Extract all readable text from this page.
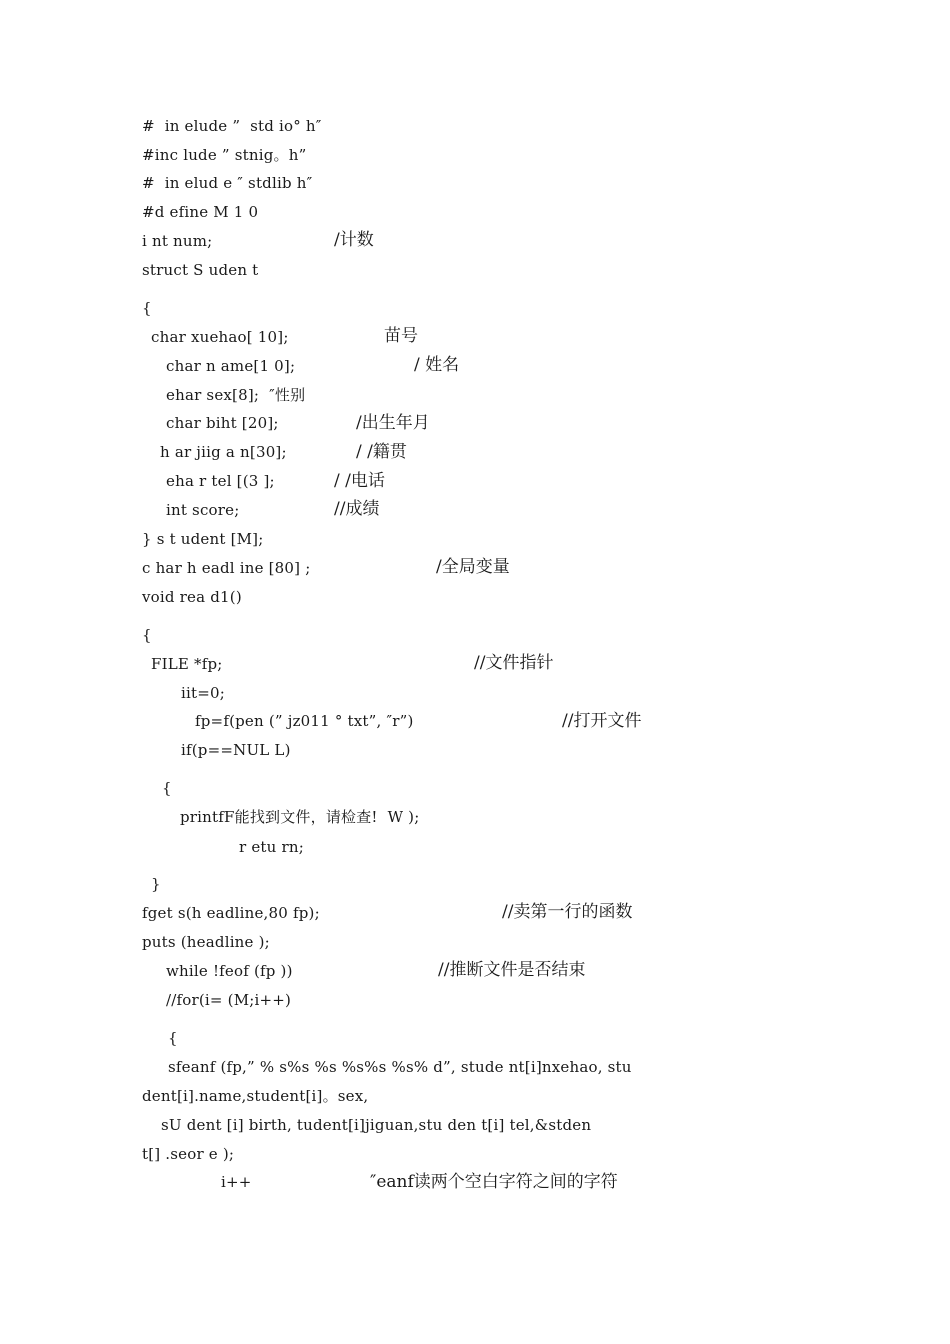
#  in elude ”  std io° h″
#inc lude ” stnig。h”
#  in elud e ″ stdlib h″
#d efine M 1 0
i nt num;	/计数
struct S uden t
{
char xuehao[ 10];	苗号
char n ame[1 0];	/ 姓名
ehar sex[8];  ″性别
char biht [20];	/出生年月
h ar jiig a n[30];	/ /籍贯
eha r tel [(3 ];	/ /电话
int score;	//成绩
} s t udent [M];
c har h eadl ine [80] ;	/全局变量
void rea d1()
{
FILE *fp;	//文件指针
iit=0;
fp=f(pen (” jz011 ° txt”, ″r”)	//打开文件
if(p==NUL L)
{
printfF能找到文件，请检查!  W );
r etu rn;
}
fget s(h eadline,80 fp);	//卖第一行的函数
puts (headline );
while !feof (fp ))	//推断文件是否结束
//for(i= (M;i++)
{
sfeanf (fp,” % s%s %s %s%s %s% d”, stude nt[i]nxehao, stu
dent[i].name,student[i]。sex,
sU dent [i] birth, tudent[i]jiguan,stu den t[i] tel,&stden
t[] .seor e );
i++	″eanf读两个空白字符之间的字符
